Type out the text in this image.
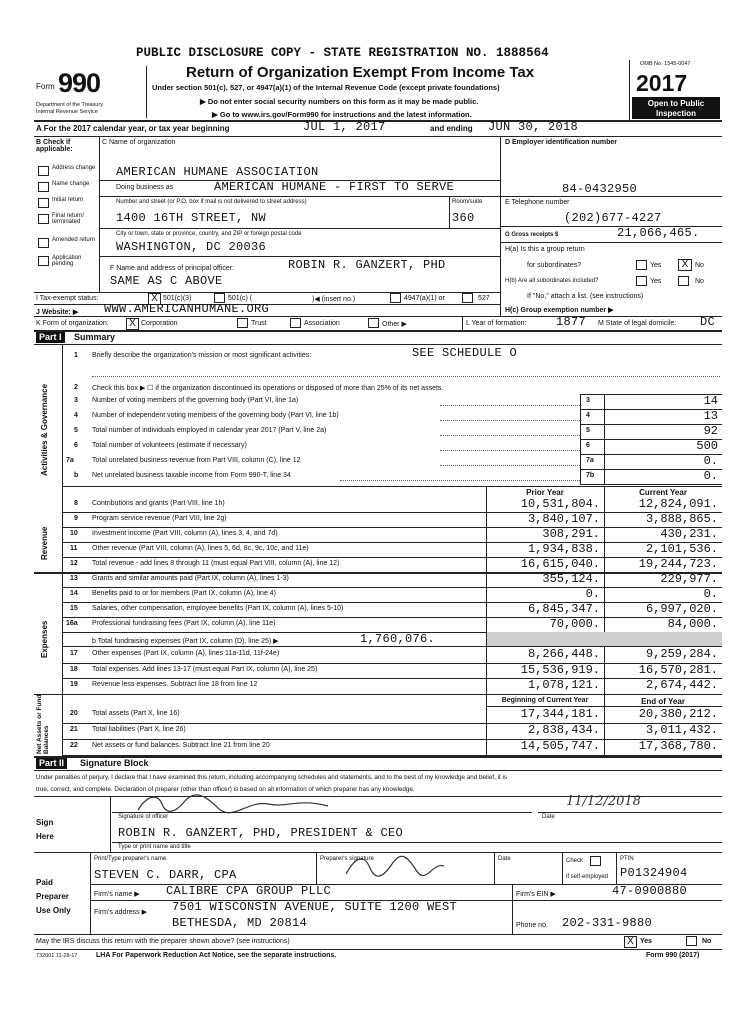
PUBLIC DISCLOSURE COPY - STATE REGISTRATION NO. 1888564
Form 990
Department of the Treasury
Internal Revenue Service
Return of Organization Exempt From Income Tax
Under section 501(c), 527, or 4947(a)(1) of the Internal Revenue Code (except private foundations)
▶ Do not enter social security numbers on this form as it may be made public.
▶ Go to www.irs.gov/Form990 for instructions and the latest information.
OMB No. 1545-0047
2017
Open to Public
Inspection
A For the 2017 calendar year, or tax year beginning	JUL 1, 2017	and ending JUN 30, 2018
B Check if applicable:
Address change
Name change
Initial return
Final return/ terminated
Amended return
Application pending
C Name of organization
AMERICAN HUMANE ASSOCIATION
Doing business as	AMERICAN HUMANE - FIRST TO SERVE
Number and street (or P.O. box if mail is not delivered to street address)	Room/suite
1400 16TH STREET, NW	360
City or town, state or province, country, and ZIP or foreign postal code
WASHINGTON, DC 20036
F Name and address of principal officer:	ROBIN R. GANZERT, PHD
SAME AS C ABOVE
D Employer identification number
84-0432950
E Telephone number
(202)677-4227
G Gross receipts $	21,066,465.
H(a) Is this a group return
for subordinates?	Yes	X No
H(b) Are all subordinates included?	Yes	No
If "No," attach a list. (see instructions)
I Tax-exempt status:	X 501(c)(3)	501(c) (	)◀ (insert no.)	4947(a)(1) or	527
H(c) Group exemption number ▶
J Website: ▶ WWW.AMERICANHUMANE.ORG
K Form of organization:	X Corporation	Trust	Association	Other ▶	L Year of formation: 1877 M State of legal domicile: DC
Part I	Summary
Activities & Governance
Revenue
Expenses
Net Assets or Fund Balances
1 Briefly describe the organization's mission or most significant activities:	SEE SCHEDULE O
2 Check this box ▶ ☐ if the organization discontinued its operations or disposed of more than 25% of its net assets.
3 Number of voting members of the governing body (Part VI, line 1a)	3	14
4 Number of independent voting members of the governing body (Part VI, line 1b)	4	13
5 Total number of individuals employed in calendar year 2017 (Part V, line 2a)	5	92
6 Total number of volunteers (estimate if necessary)	6	500
7a	Total unrelated business revenue from Part VIII, column (C), line 12	7a	0.
b Net unrelated business taxable income from Form 990-T, line 34	7b	0.
Prior Year	Current Year
8 Contributions and grants (Part VIII, line 1h)	10,531,804.	12,824,091.
9 Program service revenue (Part VIII, line 2g)	3,840,107.	3,888,865.
10 Investment income (Part VIII, column (A), lines 3, 4, and 7d)	308,291.	430,231.
11 Other revenue (Part VIII, column (A), lines 5, 6d, 8c, 9c, 10c, and 11e)	1,934,838.	2,101,536.
12 Total revenue - add lines 8 through 11 (must equal Part VIII, column (A), line 12)	16,615,040.	19,244,723.
13 Grants and similar amounts paid (Part IX, column (A), lines 1-3)	355,124.	229,977.
14 Benefits paid to or for members (Part IX, column (A), line 4)	0.	0.
15 Salaries, other compensation, employee benefits (Part IX, column (A), lines 5-10)	6,845,347.	6,997,020.
16a Professional fundraising fees (Part IX, column (A), line 11e)	70,000.	84,000.
b Total fundraising expenses (Part IX, column (D), line 25) ▶	1,760,076.
17 Other expenses (Part IX, column (A), lines 11a-11d, 11f-24e)	8,266,448.	9,259,284.
18 Total expenses. Add lines 13-17 (must equal Part IX, column (A), line 25)	15,536,919.	16,570,281.
19 Revenue less expenses. Subtract line 18 from line 12	1,078,121.	2,674,442.
Beginning of Current Year	End of Year
20 Total assets (Part X, line 16)	17,344,181.	20,380,212.
21 Total liabilities (Part X, line 26)	2,838,434.	3,011,432.
22 Net assets or fund balances. Subtract line 21 from line 20	14,505,747.	17,368,780.
Part II	Signature Block
Under penalties of perjury, I declare that I have examined this return, including accompanying schedules and statements, and to the best of my knowledge and belief, it is
true, correct, and complete. Declaration of preparer (other than officer) is based on all information of which preparer has any knowledge.
Sign
Here
Signature of officer
11/12/2018
Date
ROBIN R. GANZERT, PHD, PRESIDENT & CEO
Type or print name and title
Paid
Preparer
Use Only
Print/Type preparer's name	Preparer's signature	Date	Check
if self-employed
PTIN
STEVEN C. DARR, CPA	P01324904
Firm's name ▶ CALIBRE CPA GROUP PLLC	Firm's EIN ▶	47-0900880
Firm's address ▶ 7501 WISCONSIN AVENUE, SUITE 1200 WEST
BETHESDA, MD 20814	Phone no. 202-331-9880
May the IRS discuss this return with the preparer shown above? (see instructions)	X Yes	No
732001 11-28-17	LHA For Paperwork Reduction Act Notice, see the separate instructions.	Form 990 (2017)
